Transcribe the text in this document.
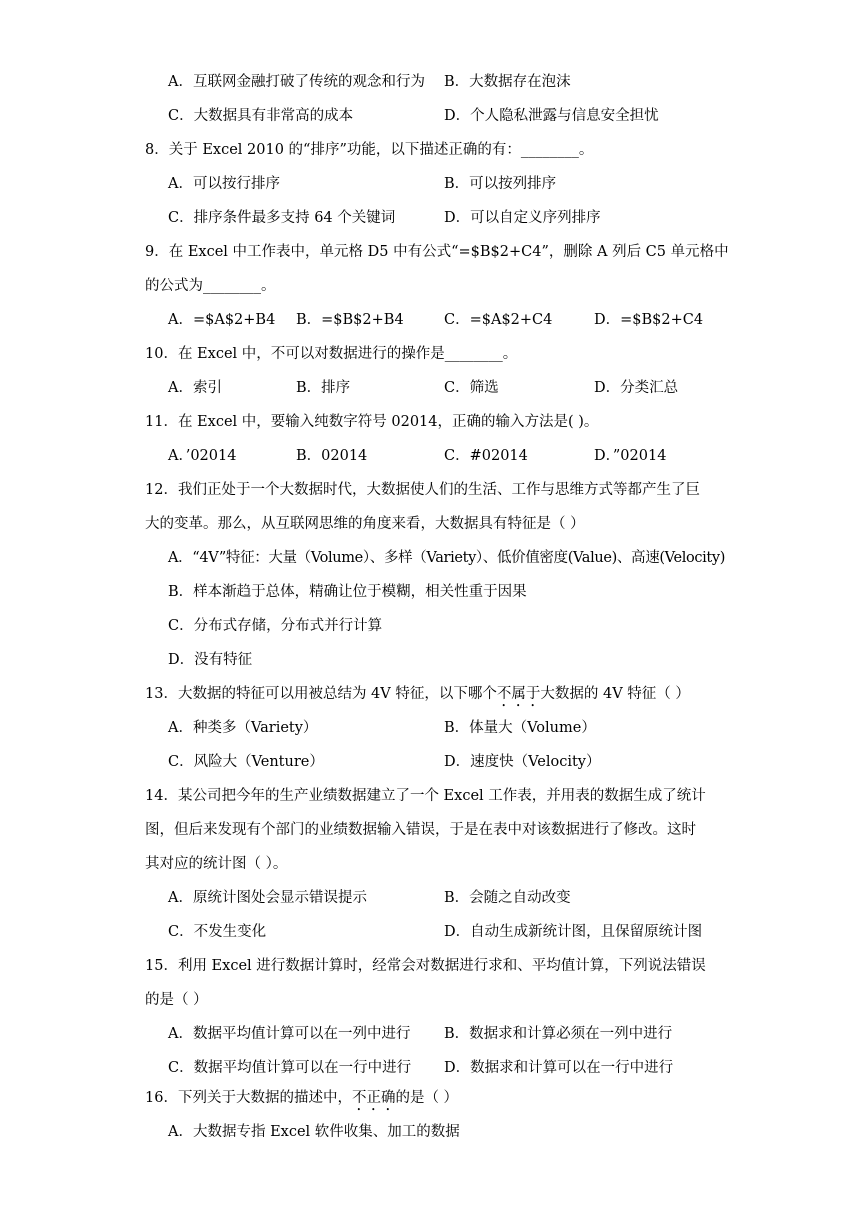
A．互联网金融打破了传统的观念和行为 B．大数据存在泡沫
C．大数据具有非常高的成本	D．个人隐私泄露与信息安全担忧
8．关于 Excel 2010 的“排序”功能，以下描述正确的有：________。
A．可以按行排序	B．可以按列排序
C．排序条件最多支持 64 个关键词	D．可以自定义序列排序
9．在 Excel 中工作表中，单元格 D5 中有公式“=$B$2+C4”，删除 A 列后 C5 单元格中
的公式为________。
A．=$A$2+B4 B．=$B$2+B4	C．=$A$2+C4	D．=$B$2+C4
10．在 Excel 中，不可以对数据进行的操作是________。
A．索引	B．排序	C．筛选	D．分类汇总
11．在 Excel 中，要输入纯数字符号 02014，正确的输入方法是( )。
A．’02014	B．02014	C．#02014	D．”02014
12．我们正处于一个大数据时代，大数据使人们的生活、工作与思维方式等都产生了巨
大的变革。那么，从互联网思维的角度来看，大数据具有特征是（ ）
A．“4V”特征：大量（Volume）、多样（Variety）、低价值密度(Value)、高速(Velocity)
B．样本渐趋于总体，精确让位于模糊，相关性重于因果
C．分布式存储，分布式并行计算
D．没有特征
13．大数据的特征可以用被总结为 4V 特征，以下哪个不属于大数据的 4V 特征（ ）
A．种类多（Variety）	B．体量大（Volume）
C．风险大（Venture）	D．速度快（Velocity）
14．某公司把今年的生产业绩数据建立了一个 Excel 工作表，并用表的数据生成了统计
图，但后来发现有个部门的业绩数据输入错误，于是在表中对该数据进行了修改。这时
其对应的统计图（ ）。
A．原统计图处会显示错误提示	B．会随之自动改变
C．不发生变化	D．自动生成新统计图，且保留原统计图
15．利用 Excel 进行数据计算时，经常会对数据进行求和、平均值计算，下列说法错误
的是（ ）
A．数据平均值计算可以在一列中进行 B．数据求和计算必须在一列中进行
C．数据平均值计算可以在一行中进行 D．数据求和计算可以在一行中进行
16．下列关于大数据的描述中，不正确的是（ ）
A．大数据专指 Excel 软件收集、加工的数据
